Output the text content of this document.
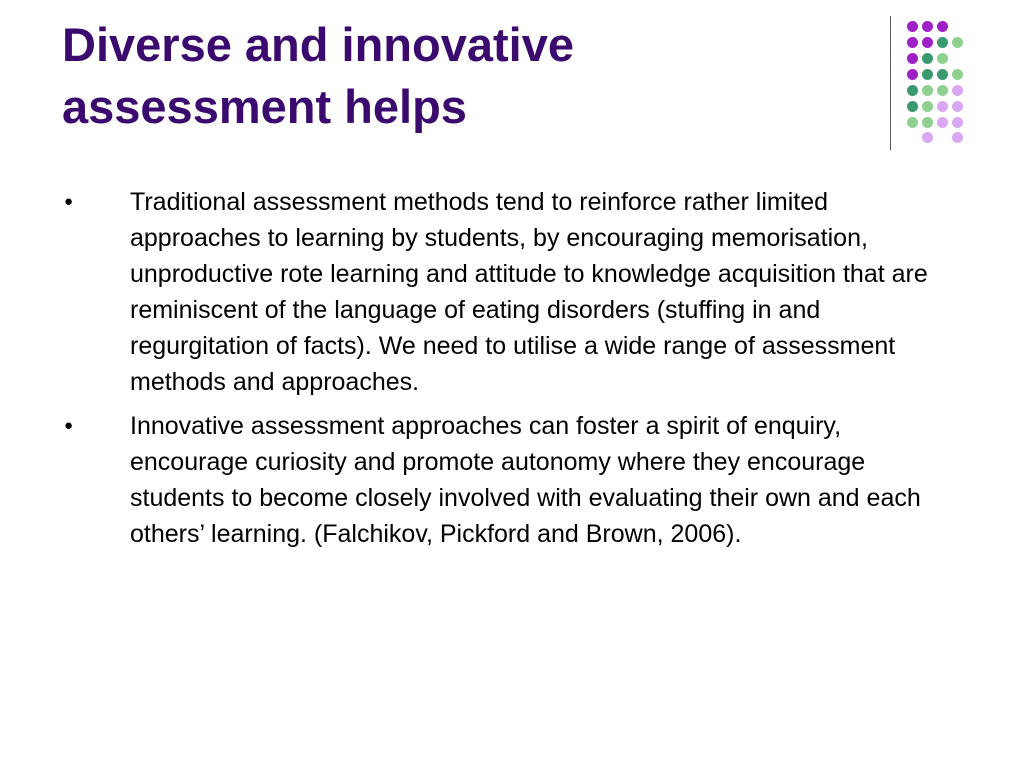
Diverse and innovative
assessment helps
● Traditional assessment methods tend to reinforce rather limited approaches to learning by students, by encouraging memorisation, unproductive rote learning and attitude to knowledge acquisition that are reminiscent of the language of eating disorders (stuffing in and regurgitation of facts). We need to utilise a wide range of assessment methods and approaches.
● Innovative assessment approaches can foster a spirit of enquiry, encourage curiosity and promote autonomy where they encourage students to become closely involved with evaluating their own and each others’ learning. (Falchikov, Pickford and Brown, 2006).
